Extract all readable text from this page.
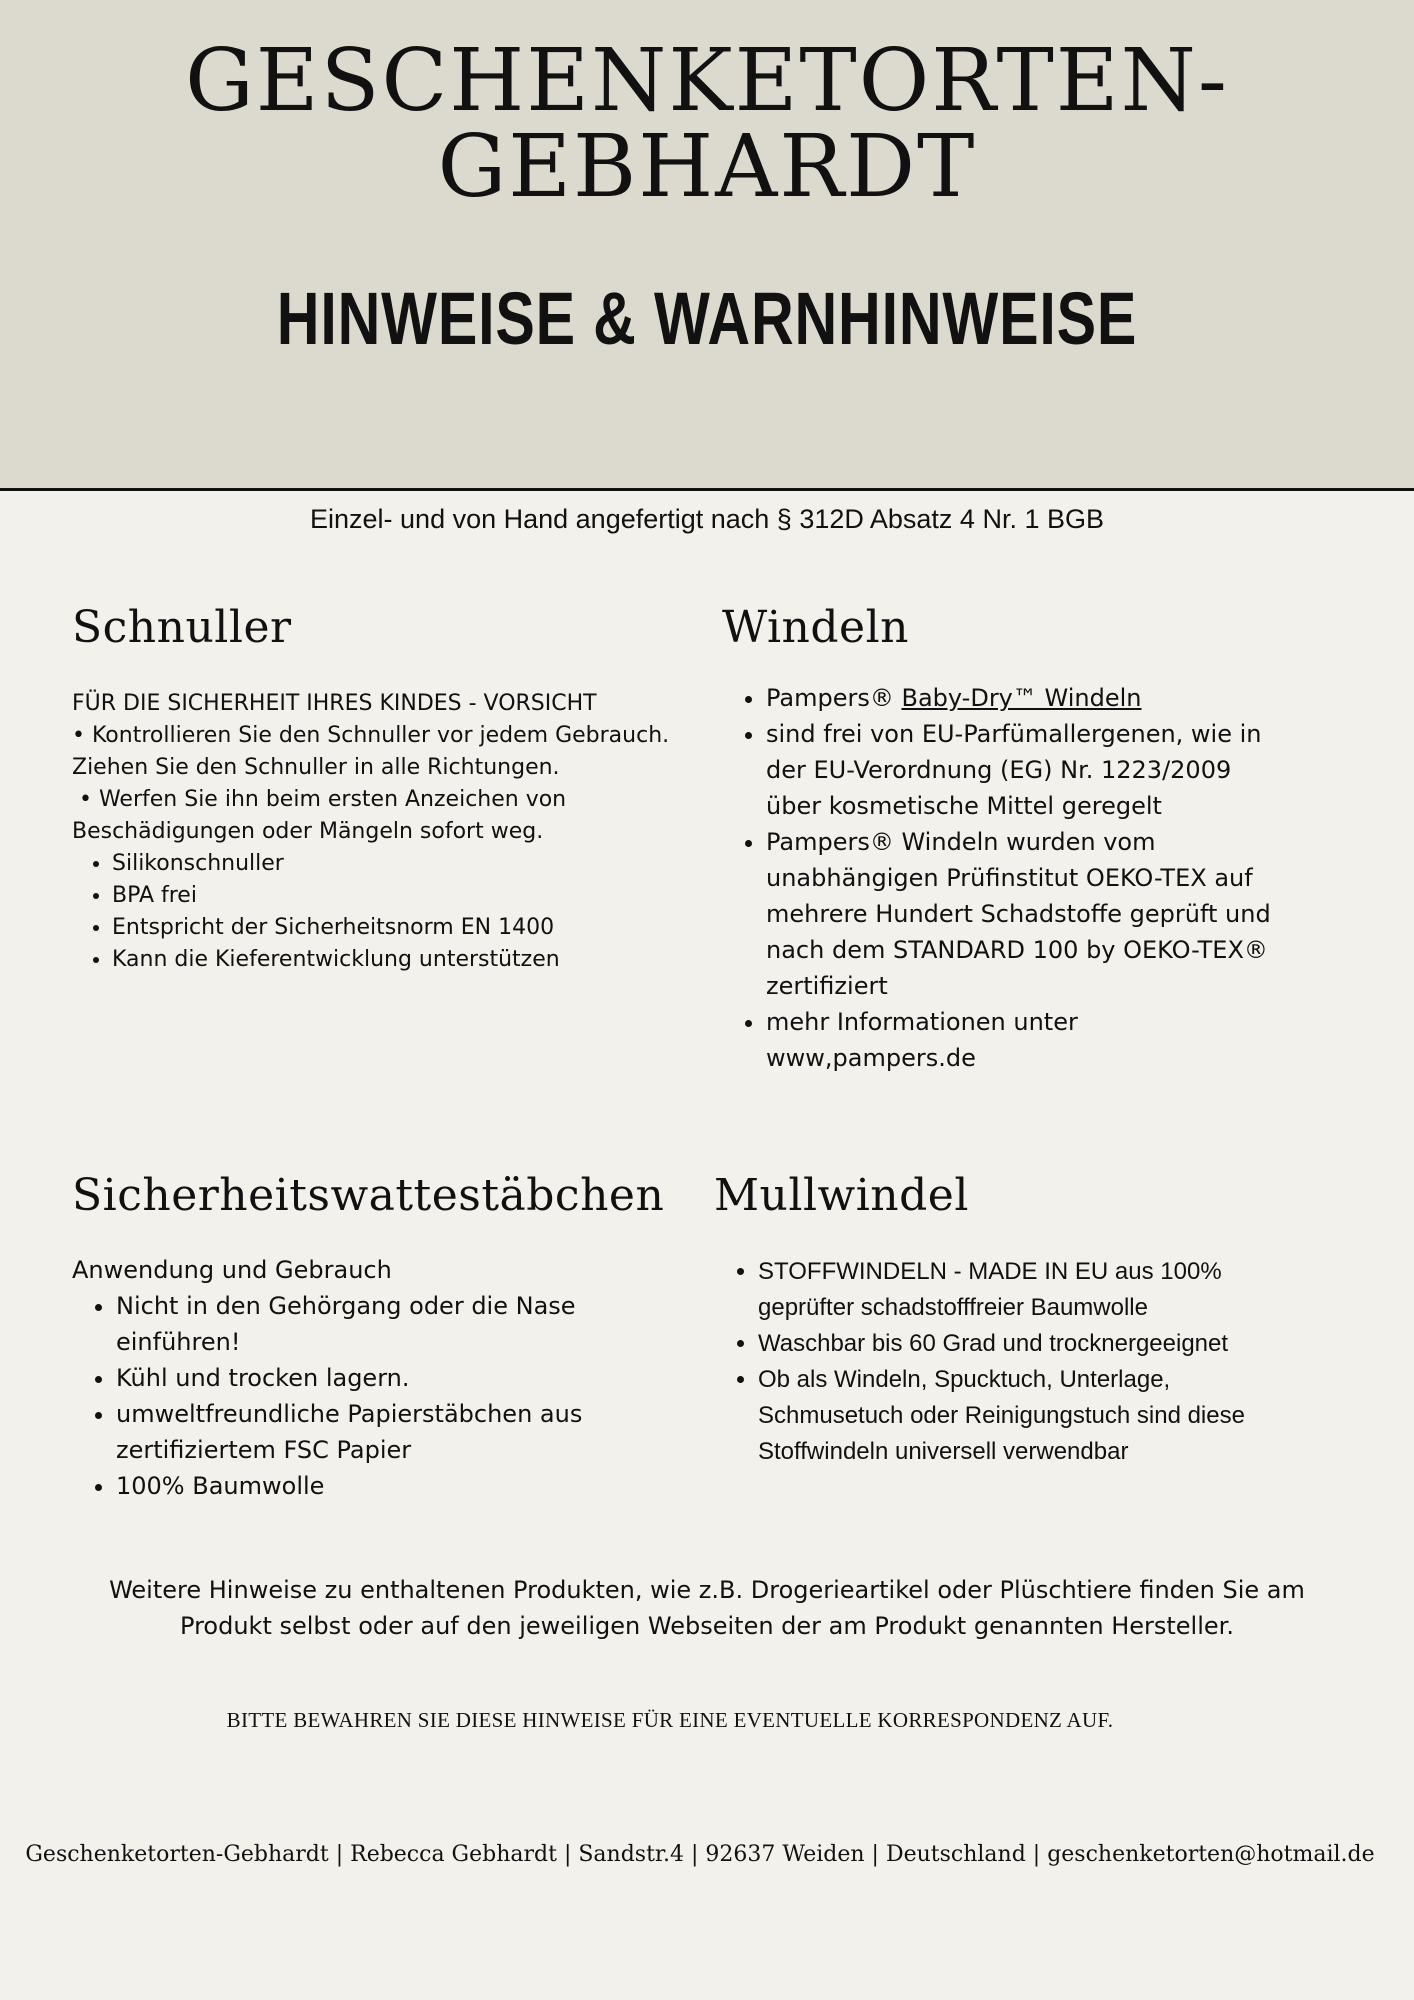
GESCHENKETORTEN-GEBHARDT
HINWEISE & WARNHINWEISE
Einzel- und von Hand angefertigt nach § 312D Absatz 4 Nr. 1 BGB
Schnuller
FÜR DIE SICHERHEIT IHRES KINDES - VORSICHT
• Kontrollieren Sie den Schnuller vor jedem Gebrauch. Ziehen Sie den Schnuller in alle Richtungen.
• Werfen Sie ihn beim ersten Anzeichen von Beschädigungen oder Mängeln sofort weg.
• Silikonschnuller
• BPA frei
• Entspricht der Sicherheitsnorm EN 1400
• Kann die Kieferentwicklung unterstützen
Windeln
• Pampers® Baby-Dry™ Windeln
• sind frei von EU-Parfümallergenen, wie in der EU-Verordnung (EG) Nr. 1223/2009 über kosmetische Mittel geregelt
• Pampers® Windeln wurden vom unabhängigen Prüfinstitut OEKO-TEX auf mehrere Hundert Schadstoffe geprüft und nach dem STANDARD 100 by OEKO-TEX® zertifiziert
• mehr Informationen unter www,pampers.de
Sicherheitswattestäbchen
Anwendung und Gebrauch
• Nicht in den Gehörgang oder die Nase einführen!
• Kühl und trocken lagern.
• umweltfreundliche Papierstäbchen aus zertifiziertem FSC Papier
• 100% Baumwolle
Mullwindel
• STOFFWINDELN - MADE IN EU aus 100% geprüfter schadstofffreier Baumwolle
• Waschbar bis 60 Grad und trocknergeeignet
• Ob als Windeln, Spucktuch, Unterlage, Schmusetuch oder Reinigungstuch sind diese Stoffwindeln universell verwendbar
Weitere Hinweise zu enthaltenen Produkten, wie z.B. Drogerieartikel oder Plüschtiere finden Sie am Produkt selbst oder auf den jeweiligen Webseiten der am Produkt genannten Hersteller.
BITTE BEWAHREN SIE DIESE HINWEISE FÜR EINE EVENTUELLE KORRESPONDENZ AUF.
Geschenketorten-Gebhardt | Rebecca Gebhardt | Sandstr.4 | 92637 Weiden | Deutschland | geschenketorten@hotmail.de
